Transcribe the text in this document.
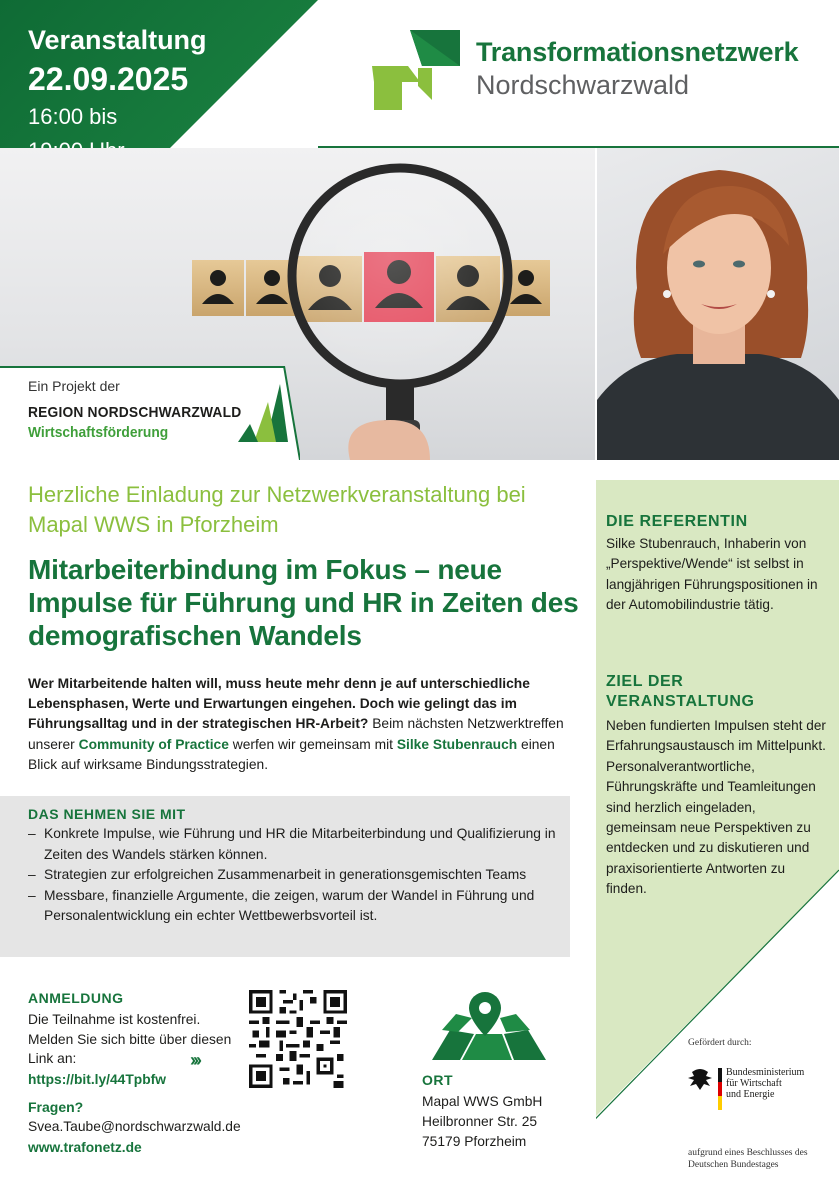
Veranstaltung
22.09.2025
16:00 bis
Transformationsnetzwerk
Nordschwarzwald
Ein Projekt der
REGION NORDSCHWARZWALD
Wirtschaftsförderung
DIE REFERENTIN
Silke Stubenrauch, Inhaberin von „Perspektive/Wende“ ist selbst in langjährigen Führungspositionen in der Automobilindustrie tätig.
ZIEL DER VERANSTALTUNG
Neben fundierten Impulsen steht der Erfahrungsaustausch im Mittelpunkt. Personalverantwortliche, Führungskräfte und Teamleitungen sind herzlich eingeladen, gemeinsam neue Perspektiven zu entdecken und zu diskutieren und praxisorientierte Antworten zu finden.
Herzliche Einladung zur Netzwerkveranstaltung bei Mapal WWS in Pforzheim
Mitarbeiterbindung im Fokus – neue Impulse für Führung und HR in Zeiten des demografischen Wandels

Wer Mitarbeitende halten will, muss heute mehr denn je auf unterschiedliche Lebensphasen, Werte und Erwartungen eingehen. Doch wie gelingt das im Führungsalltag und in der strategischen HR-Arbeit? Beim nächsten Netzwerktreffen unserer Community of Practice werfen wir gemeinsam mit Silke Stubenrauch einen Blick auf wirksame Bindungsstrategien.

DAS NEHMEN SIE MIT
– Konkrete Impulse, wie Führung und HR die Mitarbeiterbindung und Qualifizierung in Zeiten des Wandels stärken können.
– Strategien zur erfolgreichen Zusammenarbeit in generationsgemischten Teams
– Messbare, finanzielle Argumente, die zeigen, warum der Wandel in Führung und Personalentwicklung ein echter Wettbewerbsvorteil ist.
ANMELDUNG
Die Teilnahme ist kostenfrei. Melden Sie sich bitte über diesen Link an:
https://bit.ly/44Tpbfw
›››
Fragen?
Svea.Taube@nordschwarzwald.de
www.trafonetz.de
ORT
Mapal WWS GmbH
Heilbronner Str. 25
75179 Pforzheim
Gefördert durch:
Bundesministerium
für Wirtschaft
und Energie
aufgrund eines Beschlusses des Deutschen Bundestages
